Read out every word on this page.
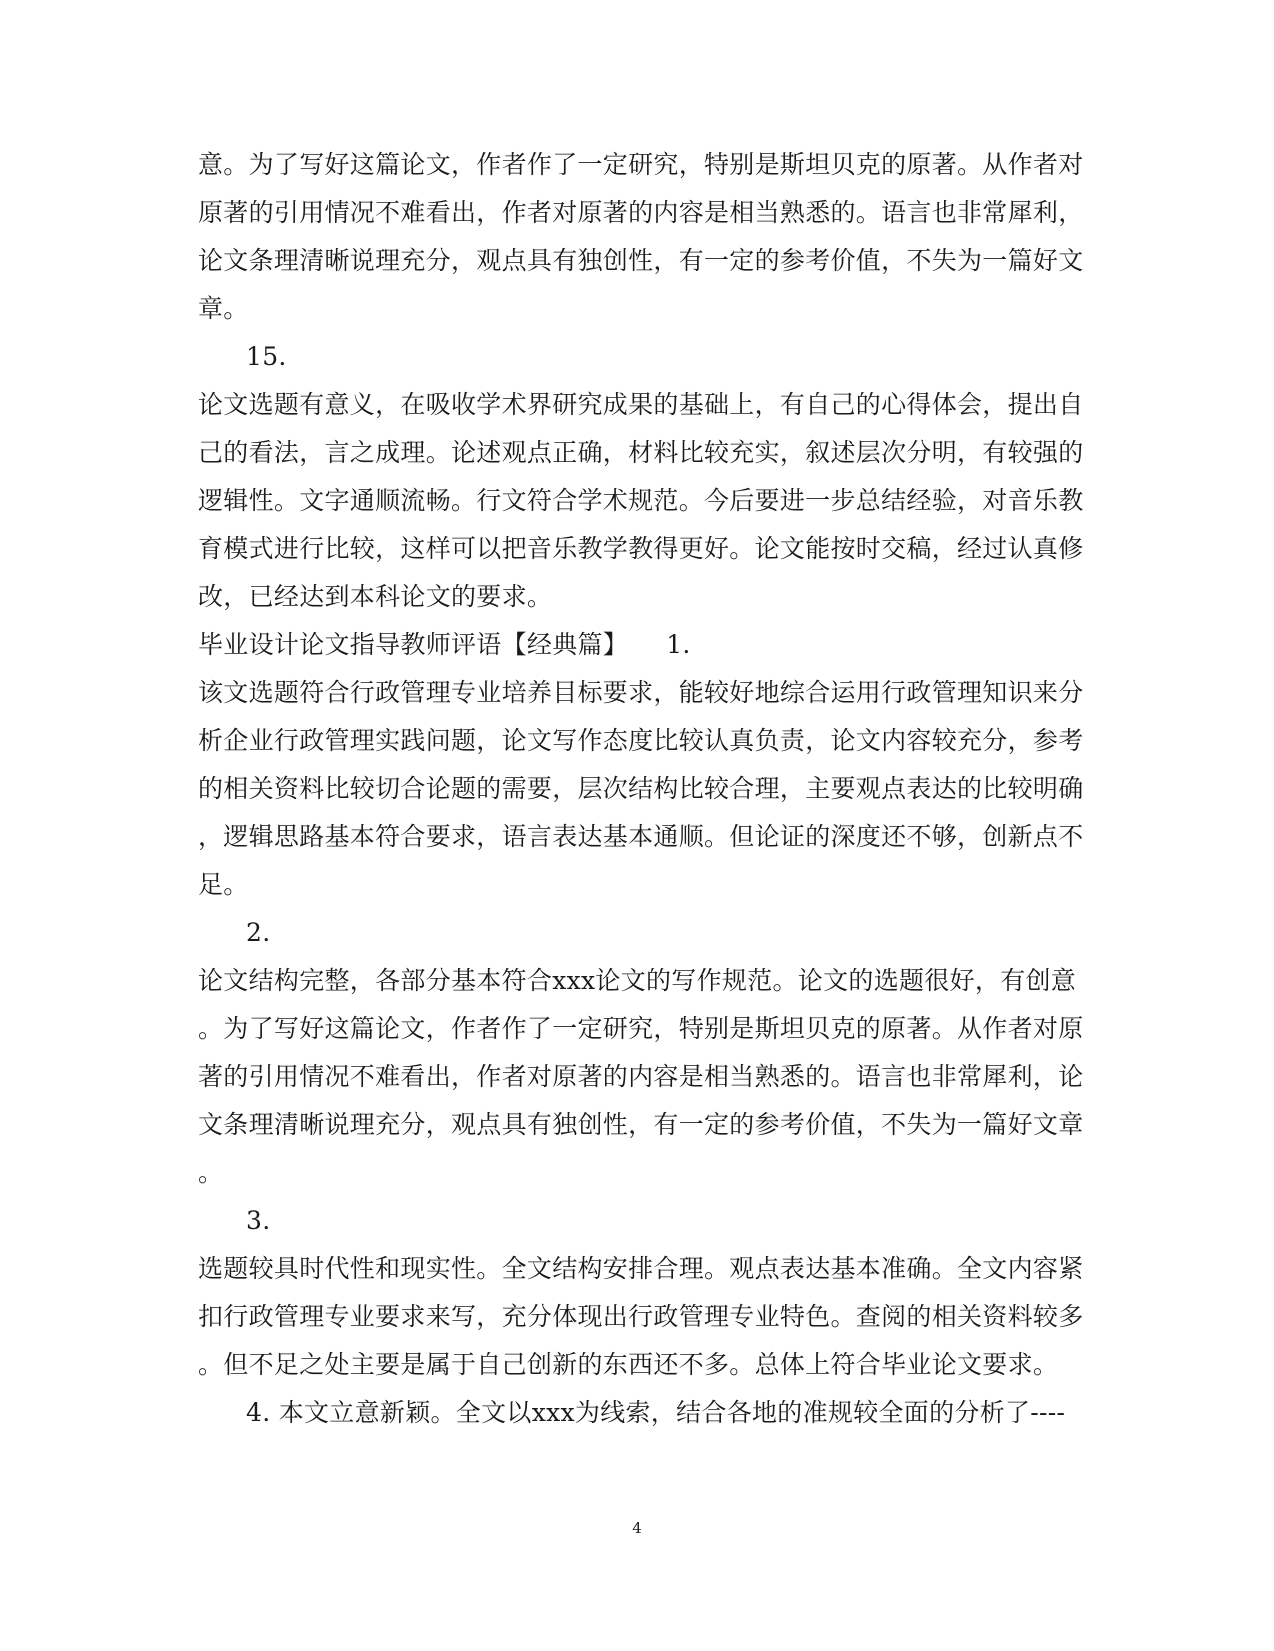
意。为了写好这篇论文，作者作了一定研究，特别是斯坦贝克的原著。从作者对
原著的引用情况不难看出，作者对原著的内容是相当熟悉的。语言也非常犀利，
论文条理清晰说理充分，观点具有独创性，有一定的参考价值，不失为一篇好文
章。
15.
论文选题有意义，在吸收学术界研究成果的基础上，有自己的心得体会，提出自
己的看法，言之成理。论述观点正确，材料比较充实，叙述层次分明，有较强的
逻辑性。文字通顺流畅。行文符合学术规范。今后要进一步总结经验，对音乐教
育模式进行比较，这样可以把音乐教学教得更好。论文能按时交稿，经过认真修
改，已经达到本科论文的要求。
毕业设计论文指导教师评语【经典篇】　　1.
该文选题符合行政管理专业培养目标要求，能较好地综合运用行政管理知识来分
析企业行政管理实践问题，论文写作态度比较认真负责，论文内容较充分，参考
的相关资料比较切合论题的需要，层次结构比较合理，主要观点表达的比较明确
，逻辑思路基本符合要求，语言表达基本通顺。但论证的深度还不够，创新点不
足。
2.
论文结构完整，各部分基本符合xxx论文的写作规范。论文的选题很好，有创意
。为了写好这篇论文，作者作了一定研究，特别是斯坦贝克的原著。从作者对原
著的引用情况不难看出，作者对原著的内容是相当熟悉的。语言也非常犀利，论
文条理清晰说理充分，观点具有独创性，有一定的参考价值，不失为一篇好文章
。
3.
选题较具时代性和现实性。全文结构安排合理。观点表达基本准确。全文内容紧
扣行政管理专业要求来写，充分体现出行政管理专业特色。查阅的相关资料较多
。但不足之处主要是属于自己创新的东西还不多。总体上符合毕业论文要求。
4. 本文立意新颖。全文以xxx为线索，结合各地的准规较全面的分析了----
4
